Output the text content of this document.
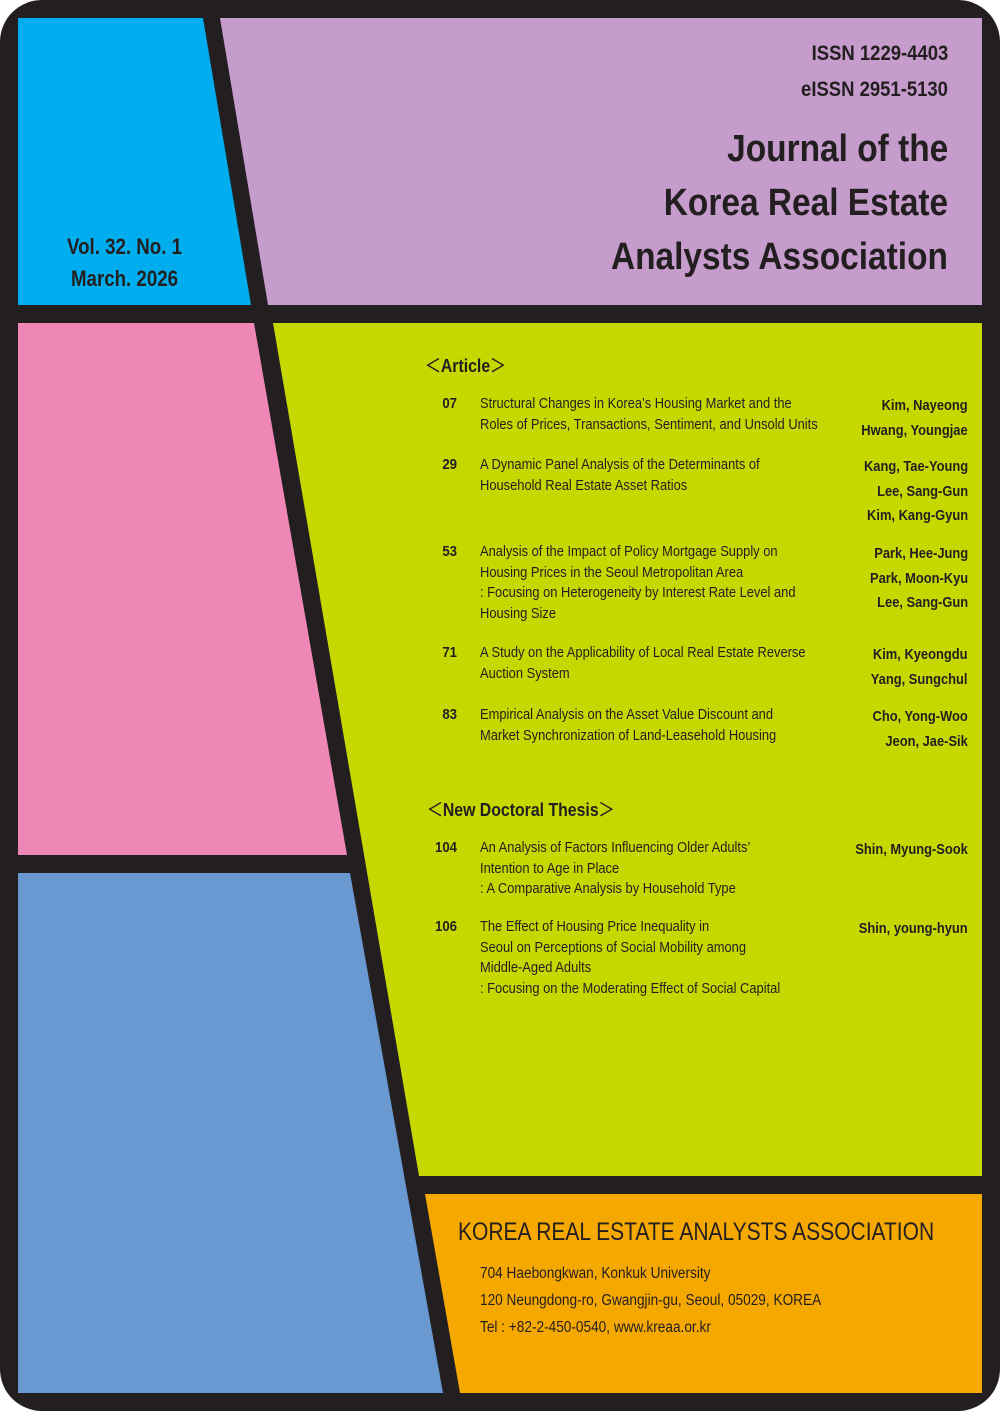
Vol. 32. No. 1
March. 2026
ISSN 1229-4403
eISSN 2951-5130
Journal of the
Korea Real Estate
Analysts Association
＜Article＞
07 Structural Changes in Korea’s Housing Market and the
Roles of Prices, Transactions, Sentiment, and Unsold Units
Kim, Nayeong
Hwang, Youngjae
29 A Dynamic Panel Analysis of the Determinants of
Household Real Estate Asset Ratios
Kang, Tae-Young
Lee, Sang-Gun
Kim, Kang-Gyun
53 Analysis of the Impact of Policy Mortgage Supply on
Housing Prices in the Seoul Metropolitan Area
: Focusing on Heterogeneity by Interest Rate Level and
Housing Size
Park, Hee-Jung
Park, Moon-Kyu
Lee, Sang-Gun
71 A Study on the Applicability of Local Real Estate Reverse
Auction System
Kim, Kyeongdu
Yang, Sungchul
83 Empirical Analysis on the Asset Value Discount and
Market Synchronization of Land-Leasehold Housing
Cho, Yong-Woo
Jeon, Jae-Sik
＜New Doctoral Thesis＞
104 An Analysis of Factors Influencing Older Adults’
Intention to Age in Place
: A Comparative Analysis by Household Type
Shin, Myung-Sook
106 The Effect of Housing Price Inequality in
Seoul on Perceptions of Social Mobility among
Middle-Aged Adults
: Focusing on the Moderating Effect of Social Capital
Shin, young-hyun
KOREA REAL ESTATE ANALYSTS ASSOCIATION
704 Haebongkwan, Konkuk University
120 Neungdong-ro, Gwangjin-gu, Seoul, 05029, KOREA
Tel : +82-2-450-0540, www.kreaa.or.kr
